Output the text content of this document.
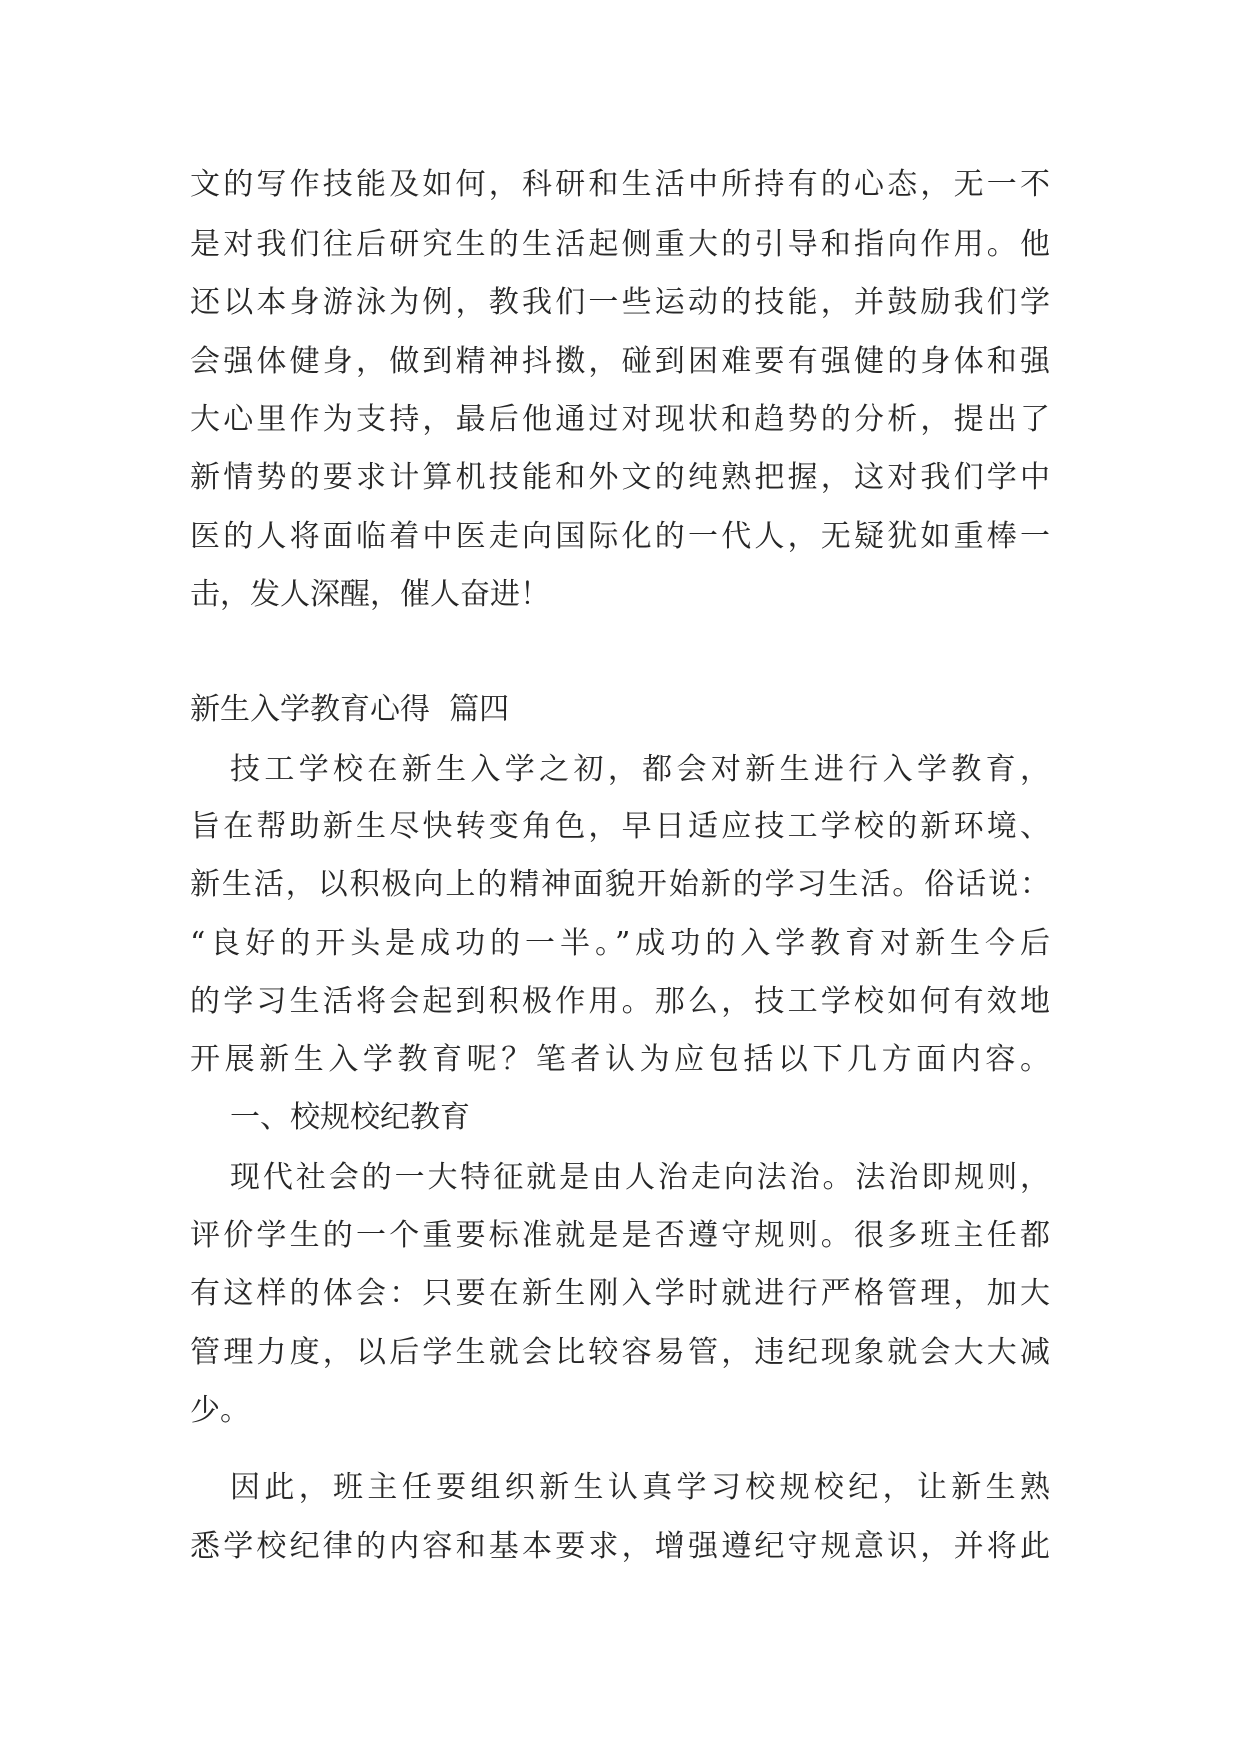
文的写作技能及如何，科研和生活中所持有的心态，无一不
是对我们往后研究生的生活起侧重大的引导和指向作用。他
还以本身游泳为例，教我们一些运动的技能，并鼓励我们学
会强体健身，做到精神抖擞，碰到困难要有强健的身体和强
大心里作为支持，最后他通过对现状和趋势的分析，提出了
新情势的要求计算机技能和外文的纯熟把握，这对我们学中
医的人将面临着中医走向国际化的一代人，无疑犹如重棒一
击，发人深醒，催人奋进！
新生入学教育心得  篇四
技工学校在新生入学之初，都会对新生进行入学教育，
旨在帮助新生尽快转变角色，早日适应技工学校的新环境、
新生活，以积极向上的精神面貌开始新的学习生活。俗话说：
“良好的开头是成功的一半。”成功的入学教育对新生今后
的学习生活将会起到积极作用。那么，技工学校如何有效地
开展新生入学教育呢？笔者认为应包括以下几方面内容。
一、校规校纪教育
现代社会的一大特征就是由人治走向法治。法治即规则，
评价学生的一个重要标准就是是否遵守规则。很多班主任都
有这样的体会：只要在新生刚入学时就进行严格管理，加大
管理力度，以后学生就会比较容易管，违纪现象就会大大减
少。
因此，班主任要组织新生认真学习校规校纪，让新生熟
悉学校纪律的内容和基本要求，增强遵纪守规意识，并将此
